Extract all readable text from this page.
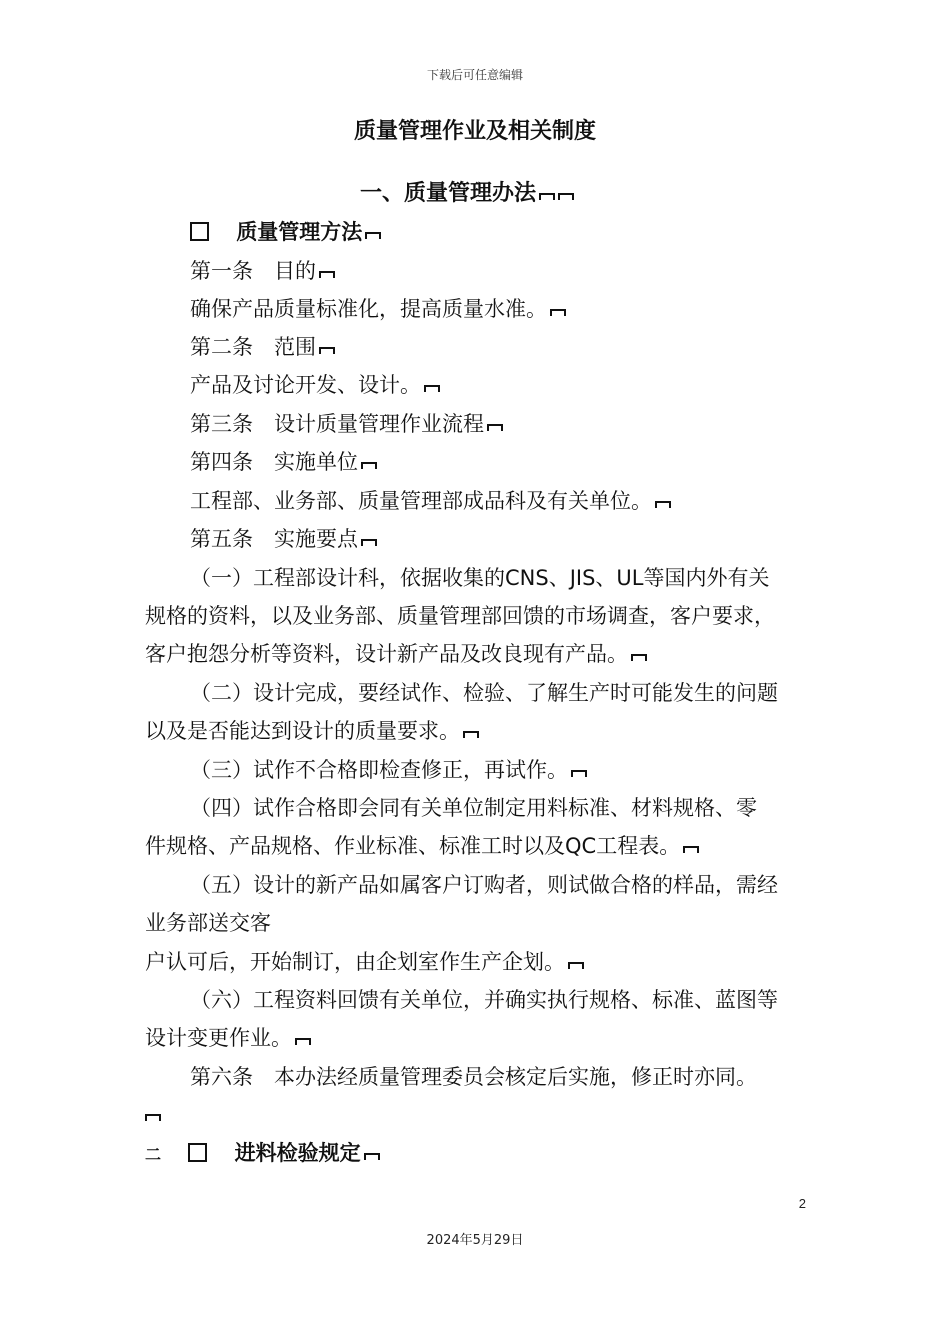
下载后可任意编辑
质量管理作业及相关制度
一、质量管理办法
质量管理方法
第一条　目的
确保产品质量标准化，提高质量水准。
第二条　范围
产品及讨论开发、设计。
第三条　设计质量管理作业流程
第四条　实施单位
工程部、业务部、质量管理部成品科及有关单位。
第五条　实施要点
（一）工程部设计科，依据收集的CNS、JIS、UL等国内外有关
规格的资料，以及业务部、质量管理部回馈的市场调查，客户要求，
客户抱怨分析等资料，设计新产品及改良现有产品。
（二）设计完成，要经试作、检验、了解生产时可能发生的问题
以及是否能达到设计的质量要求。
（三）试作不合格即检查修正，再试作。
（四）试作合格即会同有关单位制定用料标准、材料规格、零
件规格、产品规格、作业标准、标准工时以及QC工程表。
（五）设计的新产品如属客户订购者，则试做合格的样品，需经
业务部送交客
户认可后，开始制订，由企划室作生产企划。
（六）工程资料回馈有关单位，并确实执行规格、标准、蓝图等
设计变更作业。
第六条　本办法经质量管理委员会核定后实施，修正时亦同。
二	进料检验规定
2
2024年5月29日
